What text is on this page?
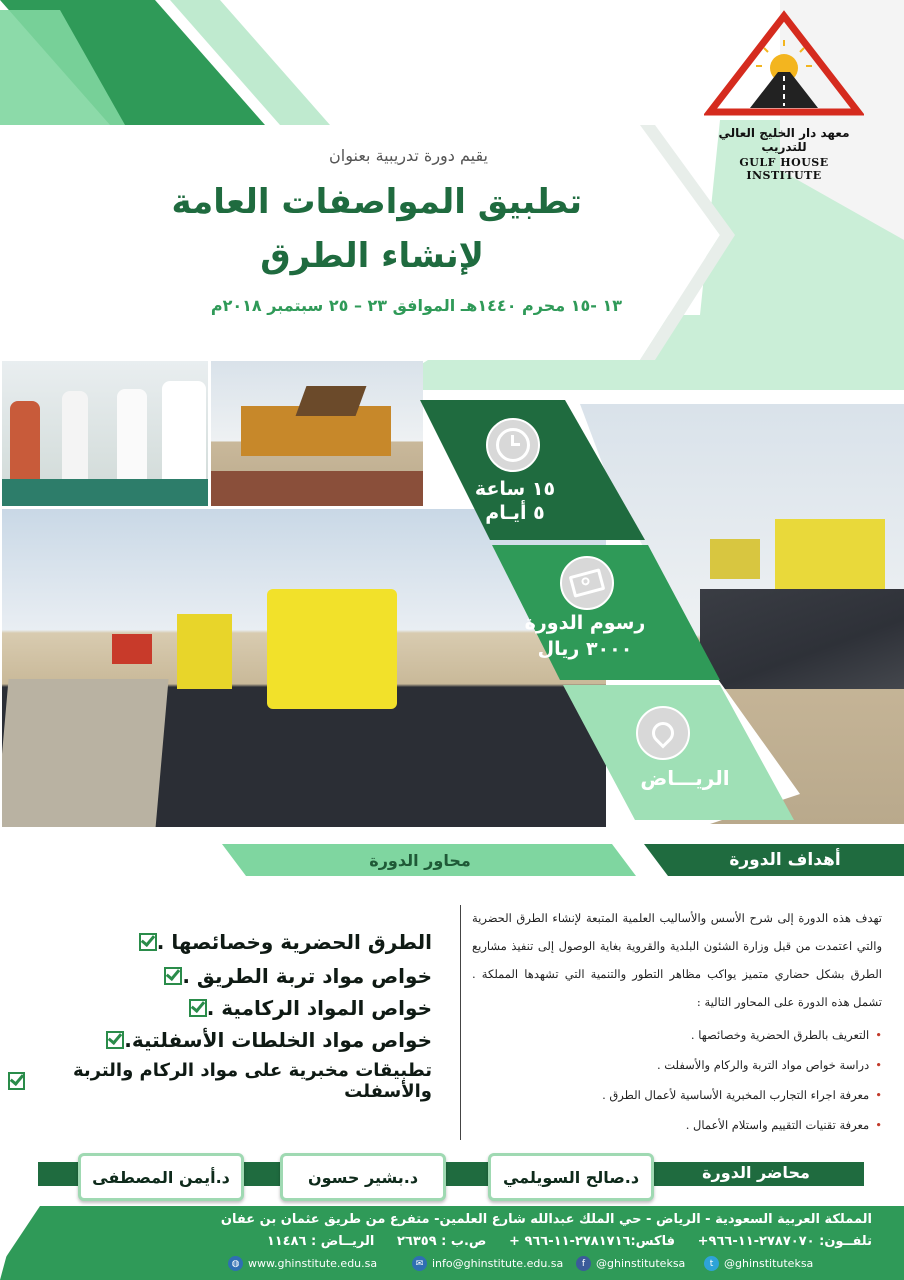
معهد دار الخليج العالي للتدريب
GULF HOUSE INSTITUTE
يقيم دورة تدريبية بعنوان
تطبيق المواصفات العامة
لإنشاء الطرق
١٣ -١٥ محرم ١٤٤٠هـ الموافق ٢٣ – ٢٥ سبتمبر ٢٠١٨م
١٥ ساعة
٥ أيـام
رسوم الدورة
٣٠٠٠ ريال
الريـــاض
محاور الدورة	أهداف الدورة
الطرق الحضرية وخصائصها .
خواص مواد تربة الطريق .
خواص المواد الركامية .
خواص مواد الخلطات الأسفلتية.
تطبيقات مخبرية على مواد الركام والتربة والأسفلت
تهدف هذه الدورة إلى شرح الأسس والأساليب العلمية المتبعة لإنشاء الطرق الحضرية والتي اعتمدت من قبل وزارة الشئون البلدية والقروية بغاية الوصول إلى تنفيذ مشاريع الطرق بشكل حضاري متميز يواكب مظاهر التطور والتنمية التي تشهدها المملكة . تشمل هذه الدورة على المحاور التالية :
•التعريف بالطرق الحضرية وخصائصها .
•دراسة خواص مواد التربة والركام والأسفلت .
•معرفة اجراء التجارب المخبرية الأساسية لأعمال الطرق .
•معرفة تقنيات التقييم واستلام الأعمال .
محاضر الدورة
د.صالح السويلمي
د.بشير حسون
د.أيمن المصطفى
المملكة العربية السعودية - الرياض - حي الملك عبدالله شارع العلمين- متفرع من طريق عثمان بن عفان
تلفــون: ٢٧٨٧٠٧٠-١١-٩٦٦+     فاكس:٢٧٨١٧١٦-١١-٩٦٦ +     ص.ب : ٢٦٣٥٩     الريــاض : ١١٤٨٦
◍ www.ghinstitute.edu.sa	✉ info@ghinstitute.edu.sa	f @ghinstituteksa	t @ghinstituteksa
